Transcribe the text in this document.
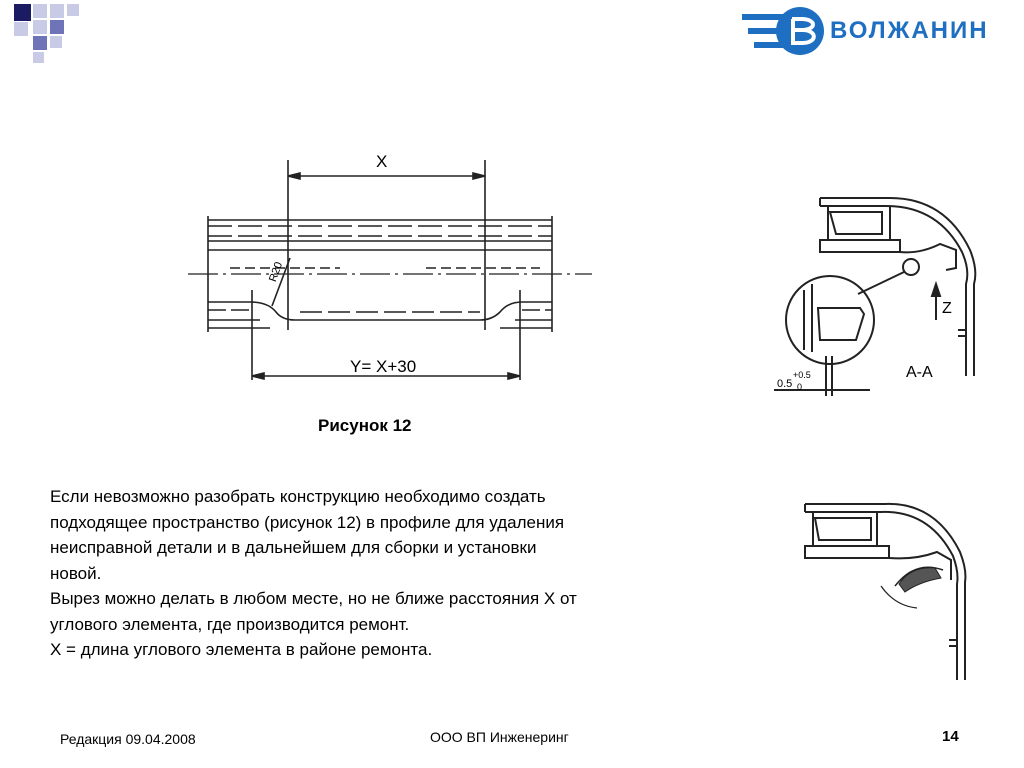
ВОЛЖАНИН
X
R20
Y= X+30
Z
A-A
0.5
+0.5
0
Рисунок 12
Если невозможно разобрать конструкцию необходимо создать
подходящее пространство (рисунок 12) в профиле для удаления
неисправной детали и в дальнейшем для сборки и установки
новой.
Вырез можно делать в любом месте, но не ближе расстояния X от
углового элемента, где производится ремонт.
X = длина углового элемента в районе ремонта.
Редакция 09.04.2008	ООО ВП Инженеринг	14
